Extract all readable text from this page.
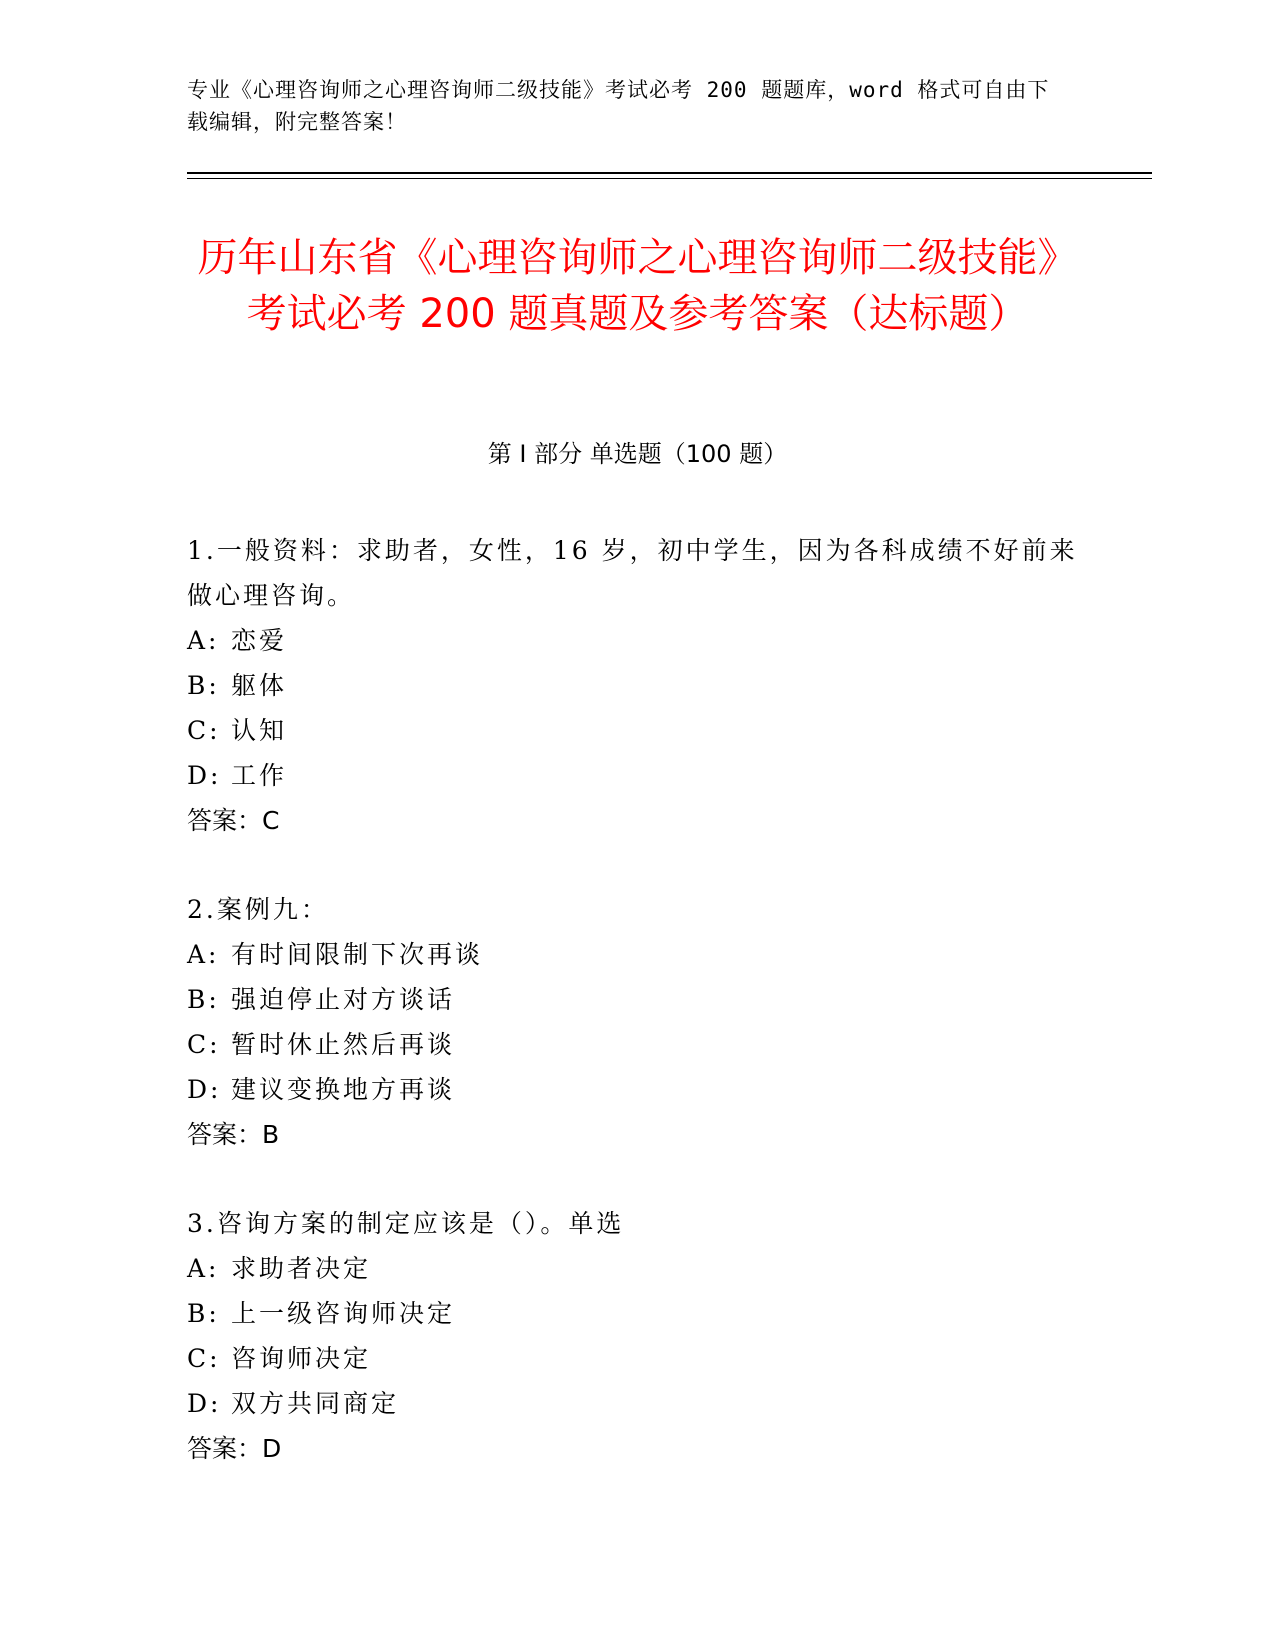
专业《心理咨询师之心理咨询师二级技能》考试必考 200 题题库，word 格式可自由下载编辑，附完整答案！
历年山东省《心理咨询师之心理咨询师二级技能》考试必考 200 题真题及参考答案（达标题）
第 I 部分 单选题（100 题）
1.一般资料：求助者，女性，16 岁，初中学生，因为各科成绩不好前来做心理咨询。
A: 恋爱
B: 躯体
C: 认知
D: 工作
答案：C
2.案例九：
A: 有时间限制下次再谈
B: 强迫停止对方谈话
C: 暂时休止然后再谈
D: 建议变换地方再谈
答案：B
3.咨询方案的制定应该是（）。单选
A: 求助者决定
B: 上一级咨询师决定
C: 咨询师决定
D: 双方共同商定
答案：D
